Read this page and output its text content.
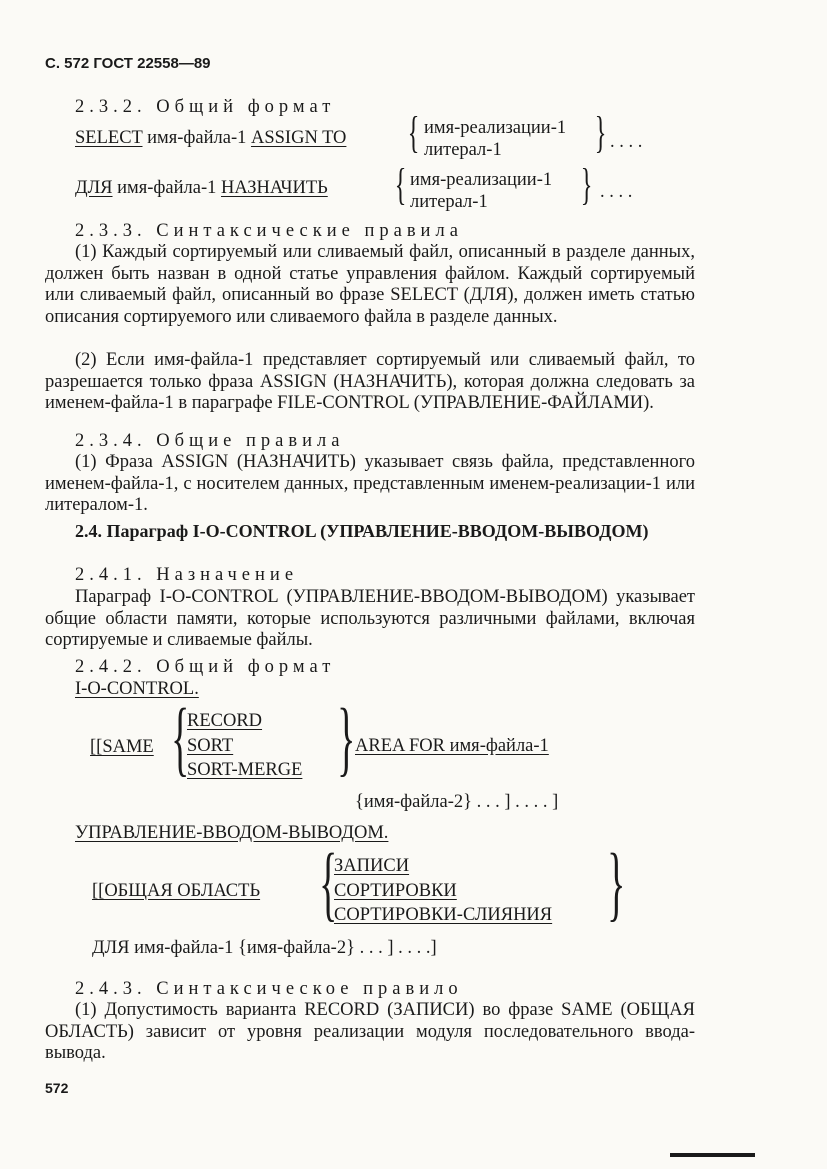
С. 572 ГОСТ 22558—89
2.3.2. Общий формат
SELECT имя-файла-1 ASSIGN TO { имя-реализации-1
литерал-1 } . . . .
ДЛЯ имя-файла-1 НАЗНАЧИТЬ { имя-реализации-1
литерал-1 } . . . .
2.3.3. Синтаксические правила
(1) Каждый сортируемый или сливаемый файл, описанный в разделе данных, должен быть назван в одной статье управления файлом. Каждый сортируемый или сливаемый файл, описанный во фразе SELECT (ДЛЯ), должен иметь статью описания сортируемого или сливаемого файла в разделе данных.
(2) Если имя-файла-1 представляет сортируемый или сливаемый файл, то разрешается только фраза ASSIGN (НАЗНАЧИТЬ), которая должна следовать за именем-файла-1 в параграфе FILE-CONTROL (УПРАВЛЕНИЕ-ФАЙЛАМИ).
2.3.4. Общие правила
(1) Фраза ASSIGN (НАЗНАЧИТЬ) указывает связь файла, представленного именем-файла-1, с носителем данных, представленным именем-реализации-1 или литералом-1.
2.4. Параграф I-O-CONTROL (УПРАВЛЕНИЕ-ВВОДОМ-ВЫВОДОМ)
2.4.1. Назначение
Параграф I-O-CONTROL (УПРАВЛЕНИЕ-ВВОДОМ-ВЫВОДОМ) указывает общие области памяти, которые используются различными файлами, включая сортируемые и сливаемые файлы.
2.4.2. Общий формат
I-O-CONTROL.
[[SAME {
RECORD
SORT
SORT-MERGE } AREA FOR имя-файла-1
{имя-файла-2} . . . ] . . . . ]
УПРАВЛЕНИЕ-ВВОДОМ-ВЫВОДОМ.
[[ОБЩАЯ ОБЛАСТЬ {
ЗАПИСИ
СОРТИРОВКИ
СОРТИРОВКИ-СЛИЯНИЯ }
ДЛЯ имя-файла-1 {имя-файла-2} . . . ] . . . .]
2.4.3. Синтаксическое правило
(1) Допустимость варианта RECORD (ЗАПИСИ) во фразе SAME (ОБЩАЯ ОБЛАСТЬ) зависит от уровня реализации модуля последовательного ввода-вывода.
572
